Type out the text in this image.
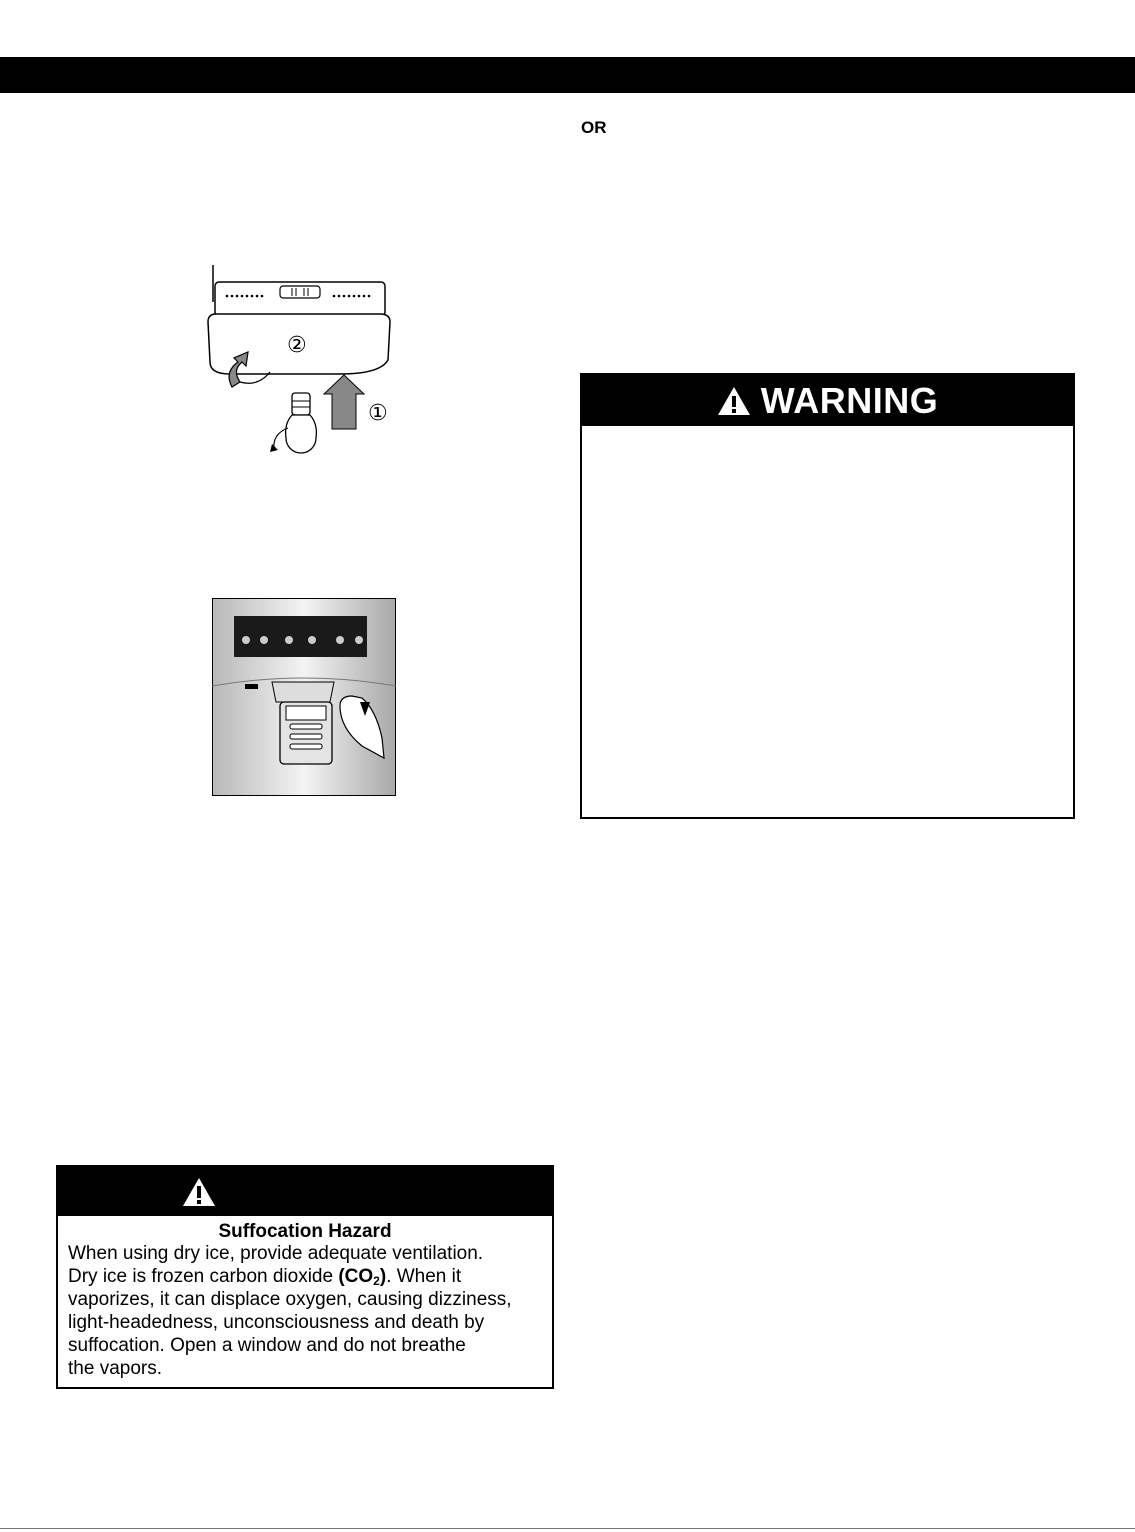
OR
②
①	WARNING
Suffocation Hazard
When using dry ice, provide adequate ventilation.
Dry ice is frozen carbon dioxide $(CO_2)$. When it
vaporizes, it can displace oxygen, causing dizziness,
light-headedness, unconsciousness and death by
suffocation. Open a window and do not breathe
the vapors.
